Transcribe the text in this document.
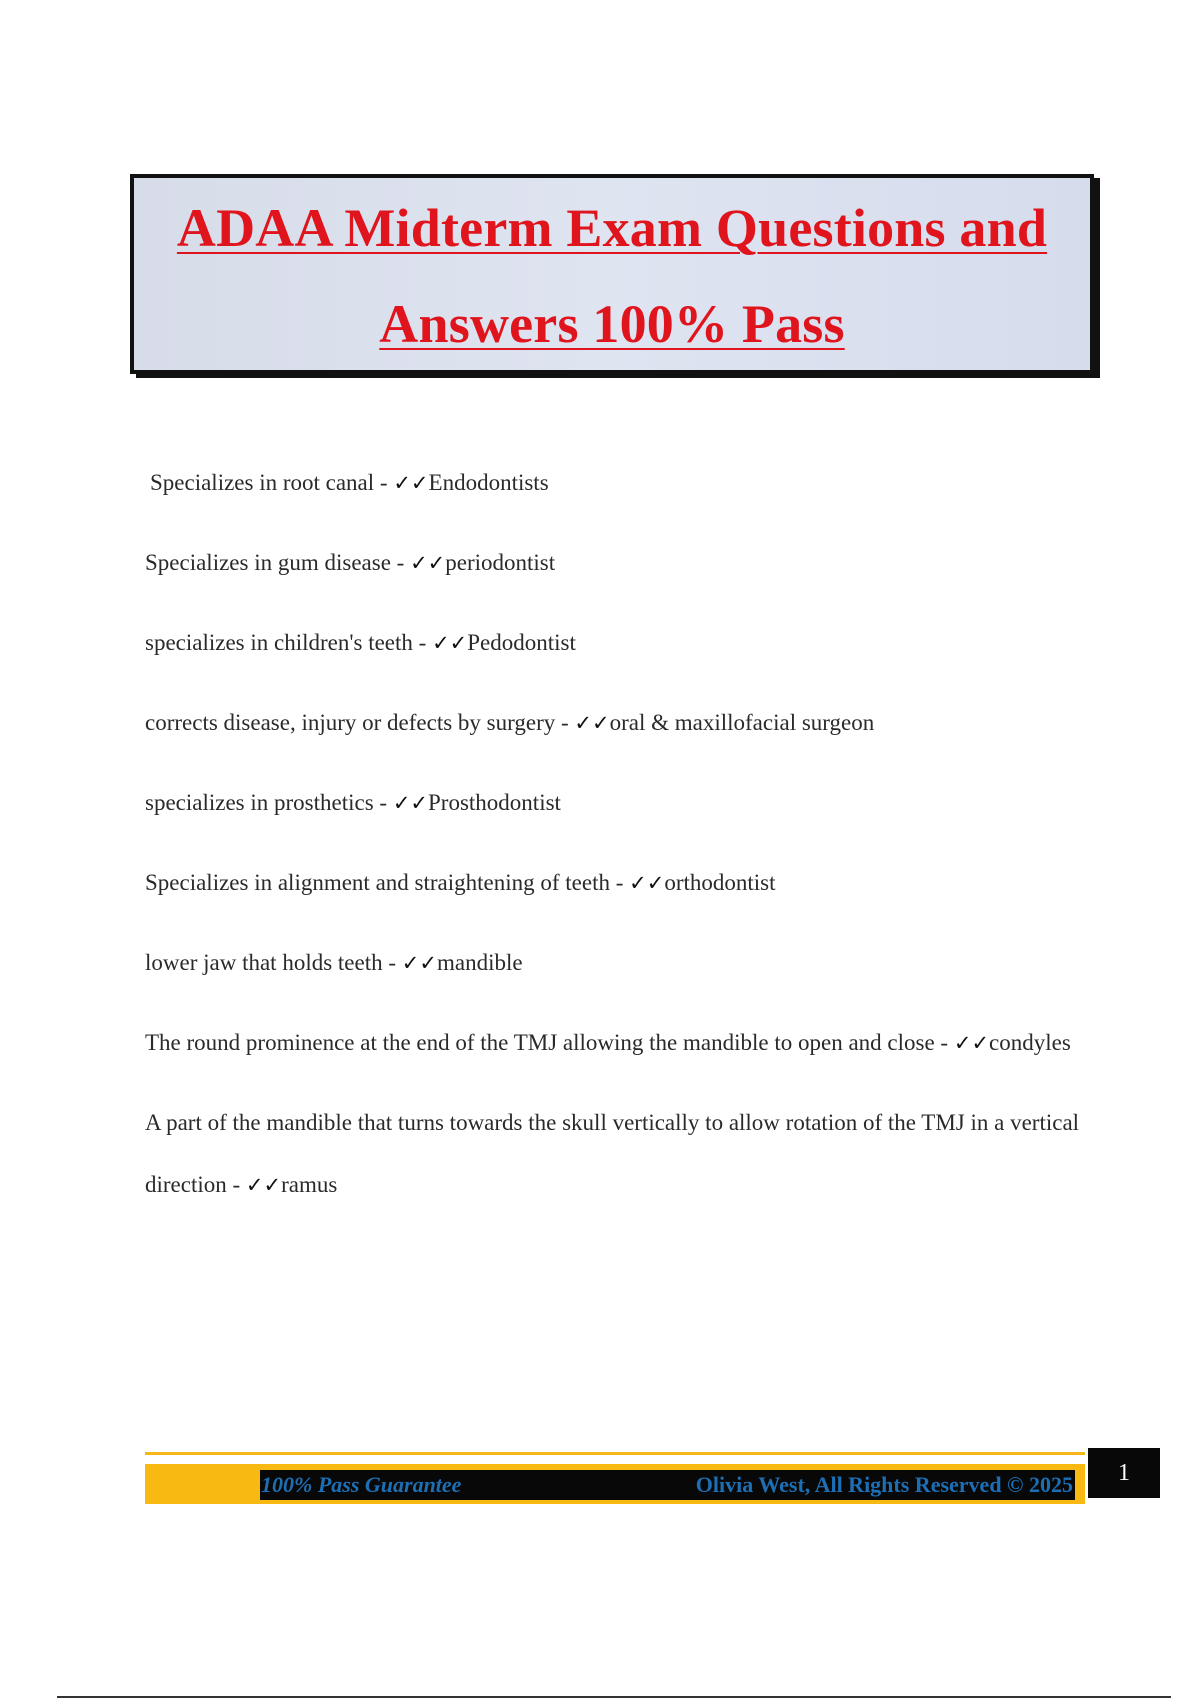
ADAA Midterm Exam Questions and
Answers 100% Pass
Specializes in root canal - ✓✓Endodontists
Specializes in gum disease - ✓✓periodontist
specializes in children's teeth - ✓✓Pedodontist
corrects disease, injury or defects by surgery - ✓✓oral & maxillofacial surgeon
specializes in prosthetics - ✓✓Prosthodontist
Specializes in alignment and straightening of teeth - ✓✓orthodontist
lower jaw that holds teeth - ✓✓mandible
The round prominence at the end of the TMJ allowing the mandible to open and close - ✓✓condyles
A part of the mandible that turns towards the skull vertically to allow rotation of the TMJ in a vertical direction - ✓✓ramus
100% Pass Guarantee	Olivia West, All Rights Reserved © 2025	1
